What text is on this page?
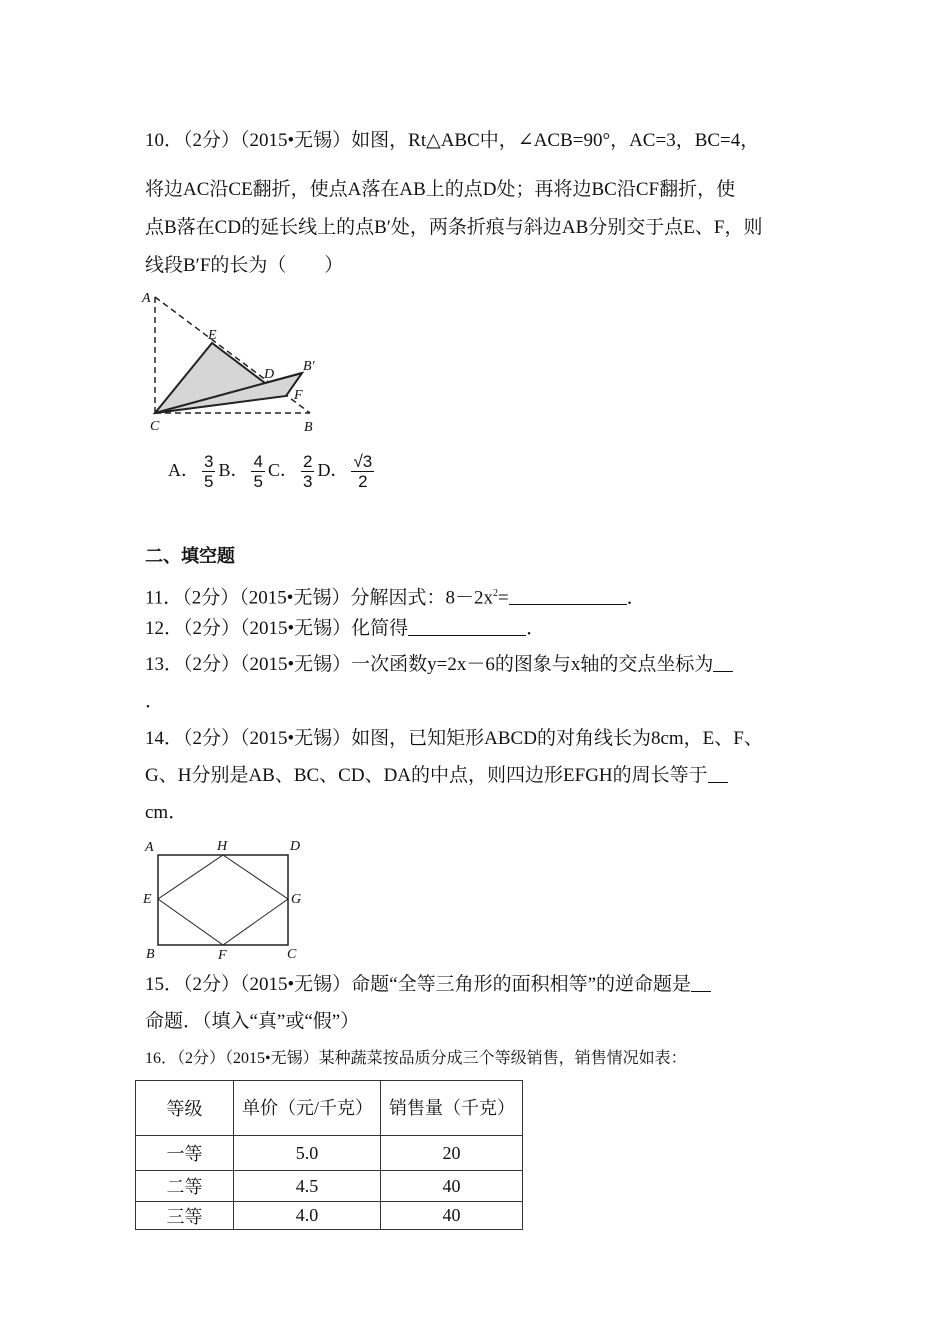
10．（2分）（2015•无锡）如图，Rt△ABC中，∠ACB=90°，AC=3，BC=4，
将边AC沿CE翻折，使点A落在AB上的点D处；再将边BC沿CF翻折，使
点B落在CD的延长线上的点B′处，两条折痕与斜边AB分别交于点E、F，则
线段B′F的长为（　　）
A
E
D
B′
F
C	B
A． $\frac{3}{5}$ B． $\frac{4}{5}$ C． $\frac{2}{3}$ D． $\frac{√3}{2}$
二、填空题
11．（2分）（2015•无锡）分解因式：$8-2x^2=$	．
12．（2分）（2015•无锡）化简得	．
13．（2分）（2015•无锡）一次函数y=2x－6的图象与x轴的交点坐标为
．
14．（2分）（2015•无锡）如图，已知矩形ABCD的对角线长为8cm，E、F、
G、H分别是AB、BC、CD、DA的中点，则四边形EFGH的周长等于
cm．
A	H	D
E	G
B	F	C
15．（2分）（2015•无锡）命题“全等三角形的面积相等”的逆命题是
命题．（填入“真”或“假”）
16．（2分）（2015•无锡）某种蔬菜按品质分成三个等级销售，销售情况如表：
等级	单价（元/千克）	销售量（千克）
一等	5.0	20
二等	4.5	40
三等	4.0	40
